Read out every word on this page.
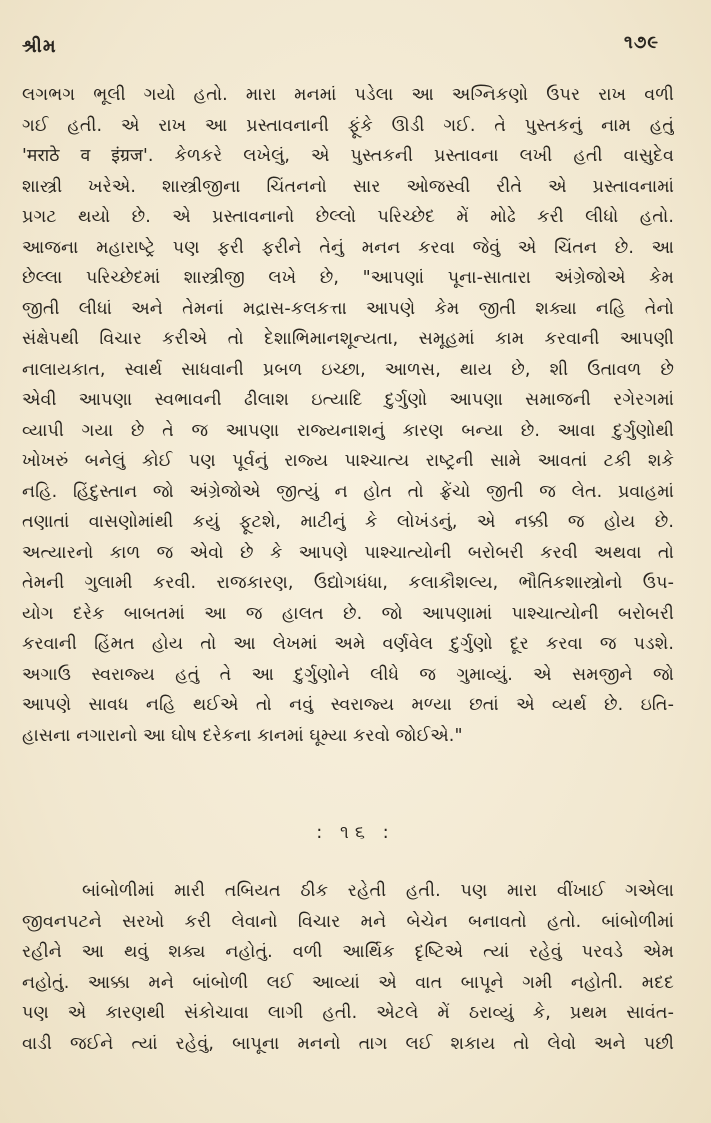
શ્રીમ	૧૭૯
લગભગ ભૂલી ગયો હતો. મારા મનમાં પડેલા આ અગ્નિકણો ઉપર રાખ વળી
ગઈ હતી. એ રાખ આ પ્રસ્તાવનાની ફૂંકે ઊડી ગઈ. તે પુસ્તકનું નામ હતું
'मराठे व इंग्रज'. કેળકરે લખેલું, એ પુસ્તકની પ્રસ્તાવના લખી હતી વાસુદેવ
શાસ્ત્રી ખરેએ. શાસ્ત્રીજીના ચિંતનનો સાર ઓજસ્વી રીતે એ પ્રસ્તાવનામાં
પ્રગટ થયો છે. એ પ્રસ્તાવનાનો છેલ્લો પરિચ્છેદ મેં મોઢે કરી લીધો હતો.
આજના મહારાષ્ટ્રે પણ ફરી ફરીને તેનું મનન કરવા જેવું એ ચિંતન છે. આ
છેલ્લા પરિચ્છેદમાં શાસ્ત્રીજી લખે છે, "આપણાં પૂના-સાતારા અંગ્રેજોએ કેમ
જીતી લીધાં અને તેમનાં મદ્રાસ-કલકત્તા આપણે કેમ જીતી શક્યા નહિ તેનો
સંક્ષેપથી વિચાર કરીએ તો દેશાભિમાનશૂન્યતા, સમૂહમાં કામ કરવાની આપણી
નાલાયકાત, સ્વાર્થ સાધવાની પ્રબળ ઇચ્છા, આળસ, થાય છે, શી ઉતાવળ છે
એવી આપણા સ્વભાવની ઢીલાશ ઇત્યાદિ દુર્ગુણો આપણા સમાજની રગેરગમાં
વ્યાપી ગયા છે તે જ આપણા રાજ્યનાશનું કારણ બન્યા છે. આવા દુર્ગુણોથી
ખોખરું બનેલું કોઈ પણ પૂર્વનું રાજ્ય પાશ્ચાત્ય રાષ્ટ્રની સામે આવતાં ટકી શકે
નહિ. હિંદુસ્તાન જો અંગ્રેજોએ જીત્યું ન હોત તો ફ્રેંચો જીતી જ લેત. પ્રવાહમાં
તણાતાં વાસણોમાંથી કયું ફૂટશે, માટીનું કે લોખંડનું, એ નક્કી જ હોય છે.
અત્યારનો કાળ જ એવો છે કે આપણે પાશ્ચાત્યોની બરોબરી કરવી અથવા તો
તેમની ગુલામી કરવી. રાજકારણ, ઉદ્યોગધંધા, કલાકૌશલ્ય, ભૌતિકશાસ્ત્રોનો ઉપ-
યોગ દરેક બાબતમાં આ જ હાલત છે. જો આપણામાં પાશ્ચાત્યોની બરોબરી
કરવાની હિંમત હોય તો આ લેખમાં અમે વર્ણવેલ દુર્ગુણો દૂર કરવા જ પડશે.
અગાઉ સ્વરાજ્ય હતું તે આ દુર્ગુણોને લીધે જ ગુમાવ્યું. એ સમજીને જો
આપણે સાવધ નહિ થઈએ તો નવું સ્વરાજ્ય મળ્યા છતાં એ વ્યર્થ છે. ઇતિ-
હાસના નગારાનો આ ઘોષ દરેકના કાનમાં ઘૂમ્યા કરવો જોઈએ."
: ૧૬ :
બાંબોળીમાં મારી તબિયત ઠીક રહેતી હતી. પણ મારા વીંખાઈ ગએલા
જીવનપટને સરખો કરી લેવાનો વિચાર મને બેચેન બનાવતો હતો. બાંબોળીમાં
રહીને આ થવું શક્ય નહોતું. વળી આર્થિક દૃષ્ટિએ ત્યાં રહેવું પરવડે એમ
નહોતું. આક્કા મને બાંબોળી લઈ આવ્યાં એ વાત બાપૂને ગમી નહોતી. મદદ
પણ એ કારણથી સંકોચાવા લાગી હતી. એટલે મેં ઠરાવ્યું કે, પ્રથમ સાવંત-
વાડી જઈને ત્યાં રહેવું, બાપૂના મનનો તાગ લઈ શકાય તો લેવો અને પછી
